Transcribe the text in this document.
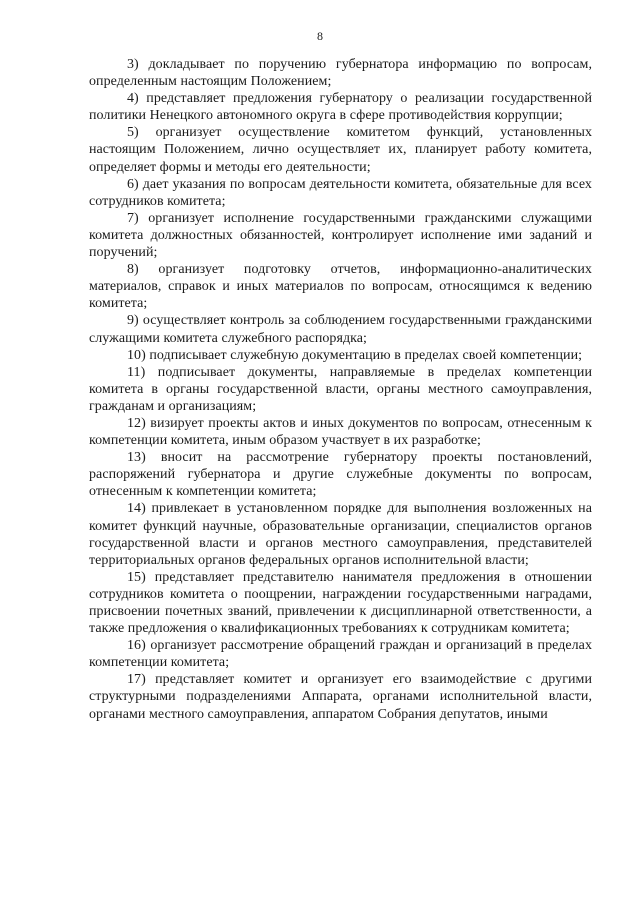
8

3) докладывает по поручению губернатора информацию по вопросам, определенным настоящим Положением;

4) представляет предложения губернатору о реализации государственной политики Ненецкого автономного округа в сфере противодействия коррупции;

5) организует осуществление комитетом функций, установленных настоящим Положением, лично осуществляет их, планирует работу комитета, определяет формы и методы его деятельности;

6) дает указания по вопросам деятельности комитета, обязательные для всех сотрудников комитета;

7) организует исполнение государственными гражданскими служащими комитета должностных обязанностей, контролирует исполнение ими заданий и поручений;

8) организует подготовку отчетов, информационно-аналитических материалов, справок и иных материалов по вопросам, относящимся к ведению комитета;

9) осуществляет контроль за соблюдением государственными гражданскими служащими комитета служебного распорядка;

10) подписывает служебную документацию в пределах своей компетенции;

11) подписывает документы, направляемые в пределах компетенции комитета в органы государственной власти, органы местного самоуправления, гражданам и организациям;

12) визирует проекты актов и иных документов по вопросам, отнесенным к компетенции комитета, иным образом участвует в их разработке;

13) вносит на рассмотрение губернатору проекты постановлений, распоряжений губернатора и другие служебные документы по вопросам, отнесенным к компетенции комитета;

14) привлекает в установленном порядке для выполнения возложенных на комитет функций научные, образовательные организации, специалистов органов государственной власти и органов местного самоуправления, представителей территориальных органов федеральных органов исполнительной власти;

15) представляет представителю нанимателя предложения в отношении сотрудников комитета о поощрении, награждении государственными наградами, присвоении почетных званий, привлечении к дисциплинарной ответственности, а также предложения о квалификационных требованиях к сотрудникам комитета;

16) организует рассмотрение обращений граждан и организаций в пределах компетенции комитета;

17) представляет комитет и организует его взаимодействие с другими структурными подразделениями Аппарата, органами исполнительной власти, органами местного самоуправления, аппаратом Собрания депутатов, иными
